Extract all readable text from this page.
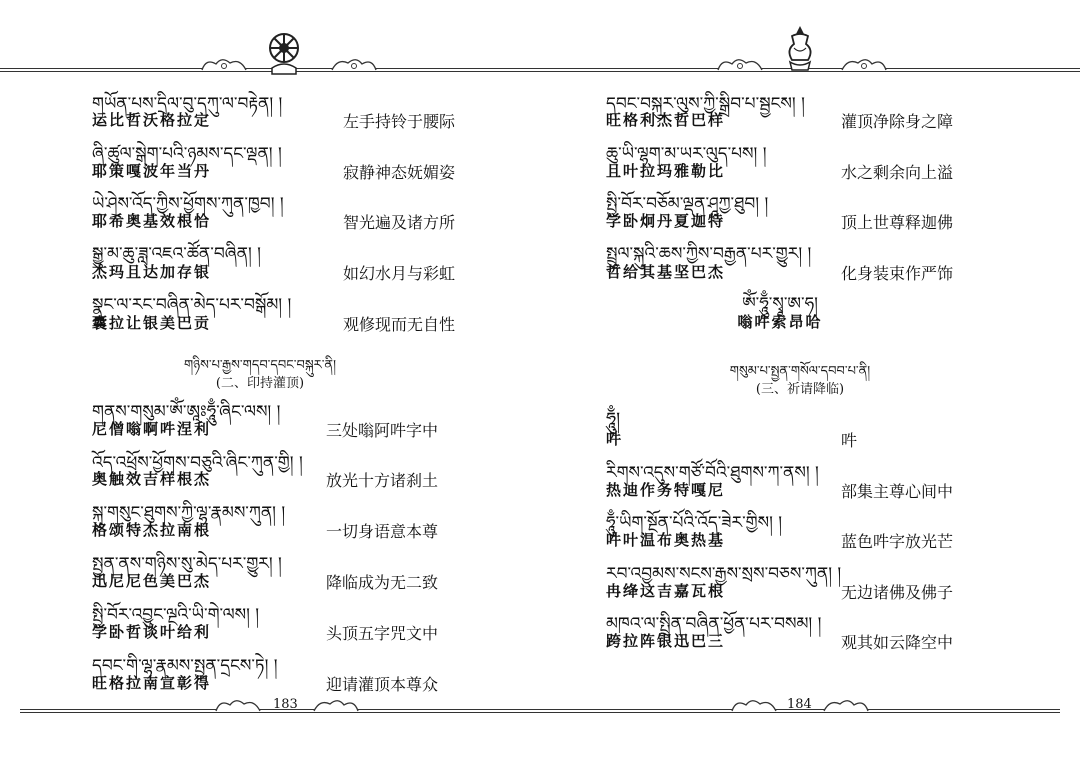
གཡོན་པས་དྲིལ་བུ་དཀུ་ལ་བརྟེན། །
运比哲沃格拉定	左手持铃于腰际
ཞི་ཚུལ་སྒེག་པའི་ཉམས་དང་ལྡན། །
耶策嘎波年当丹	寂静神态妩媚姿
ཡེ་ཤེས་འོད་ཀྱིས་ཕྱོགས་ཀུན་ཁྱབ། །
耶希奥基效根恰	智光遍及诸方所
སྒྱུ་མ་ཆུ་ཟླ་འཇའ་ཚོན་བཞིན། །
杰玛且达加存银	如幻水月与彩虹
སྣང་ལ་རང་བཞིན་མེད་པར་བསྒོམ། །
囊拉让银美巴贡	观修现而无自性
གཉིས་པ་རྒྱས་གདབ་དབང་བསྐུར་ནི།
(二、印持灌顶)
གནས་གསུམ་ཨོཾ་ཨཱཿཧཱུྃ་ཞིང་ལས། །
尼僧嗡啊吽涅利	三处嗡阿吽字中
འོད་འཕྲོས་ཕྱོགས་བཅུའི་ཞིང་ཀུན་གྱི། །
奥触效吉样根杰	放光十方诸刹土
སྐུ་གསུང་ཐུགས་ཀྱི་ལྷ་རྣམས་ཀུན། །
格颂特杰拉南根	一切身语意本尊
སྤྱན་ནས་གཉིས་སུ་མེད་པར་གྱུར། །
迅尼尼色美巴杰	降临成为无二致
སྤྱི་བོར་འབྱུང་ལྔའི་ཡི་གེ་ལས། །
学卧哲谈叶给利	头顶五字咒文中
དབང་གི་ལྷ་རྣམས་སྤྱན་དྲངས་ཏེ། །
旺格拉南宣彰得	迎请灌顶本尊众
183
དབང་བསྐུར་ལུས་ཀྱི་སྒྲིབ་པ་སྦྱངས། །
旺格利杰哲巴样	灌顶净除身之障
ཆུ་ཡི་ལྷག་མ་ཡར་ལུད་པས། །
且叶拉玛雅勒比	水之剩余向上溢
སྤྱི་བོར་བཅོམ་ལྡན་ཤཱཀྱ་ཐུབ། །
学卧炯丹夏迦特	顶上世尊释迦佛
སྤྲུལ་སྐུའི་ཆས་ཀྱིས་བརྒྱན་པར་གྱུར། །
哲给其基坚巴杰	化身装束作严饰
ཨོཾ་ཧཱུྃ་སྭཱ་ཨ་ཧ།
嗡吽索昂哈
གསུམ་པ་སྤྱན་གསོལ་དབབ་པ་ནི།
(三、祈请降临)
ཧཱུྃ།
吽	吽
རིགས་འདུས་གཙོ་བོའི་ཐུགས་ཀ་ནས། །
热迪作务特嘎尼	部集主尊心间中
ཧཱུྃ་ཡིག་སྔོན་པོའི་འོད་ཟེར་གྱིས། །
吽叶温布奥热基	蓝色吽字放光芒
རབ་འབྱམས་སངས་རྒྱས་སྲས་བཅས་ཀུན། །
冉绛这吉嘉瓦根	无边诸佛及佛子
མཁའ་ལ་སྤྲིན་བཞིན་ཕྱོན་པར་བསམ། །
跨拉阵银迅巴三	观其如云降空中
184
